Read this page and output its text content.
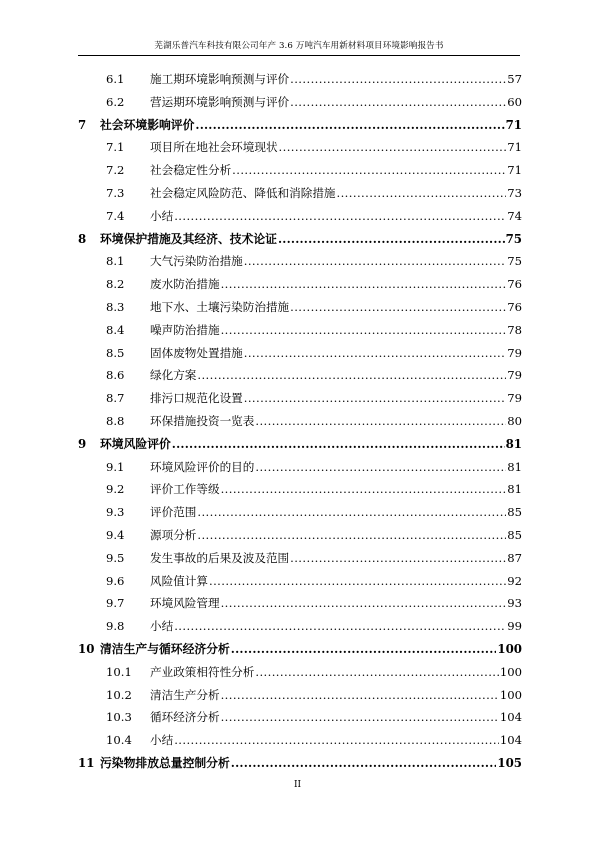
芜湖乐普汽车科技有限公司年产 3.6 万吨汽车用新材料项目环境影响报告书
6.1	施工期环境影响预测与评价 .....	57
6.2	营运期环境影响预测与评价 .....	60
7	社会环境影响评价 .....	71
7.1	项目所在地社会环境现状 .....	71
7.2	社会稳定性分析 .....	71
7.3	社会稳定风险防范、降低和消除措施 .....	73
7.4	小结 .....	74
8	环境保护措施及其经济、技术论证 .....	75
8.1	大气污染防治措施 .....	75
8.2	废水防治措施 .....	76
8.3	地下水、土壤污染防治措施 .....	76
8.4	噪声防治措施 .....	78
8.5	固体废物处置措施 .....	79
8.6	绿化方案 .....	79
8.7	排污口规范化设置 .....	79
8.8	环保措施投资一览表 .....	80
9	环境风险评价 .....	81
9.1	环境风险评价的目的 .....	81
9.2	评价工作等级 .....	81
9.3	评价范围 .....	85
9.4	源项分析 .....	85
9.5	发生事故的后果及波及范围 .....	87
9.6	风险值计算 .....	92
9.7	环境风险管理 .....	93
9.8	小结 .....	99
10 清洁生产与循环经济分析 .....	100
10.1	产业政策相符性分析 .....	100
10.2	清洁生产分析 .....	100
10.3	循环经济分析 .....	104
10.4	小结 .....	104
11 污染物排放总量控制分析 .....	105
II
